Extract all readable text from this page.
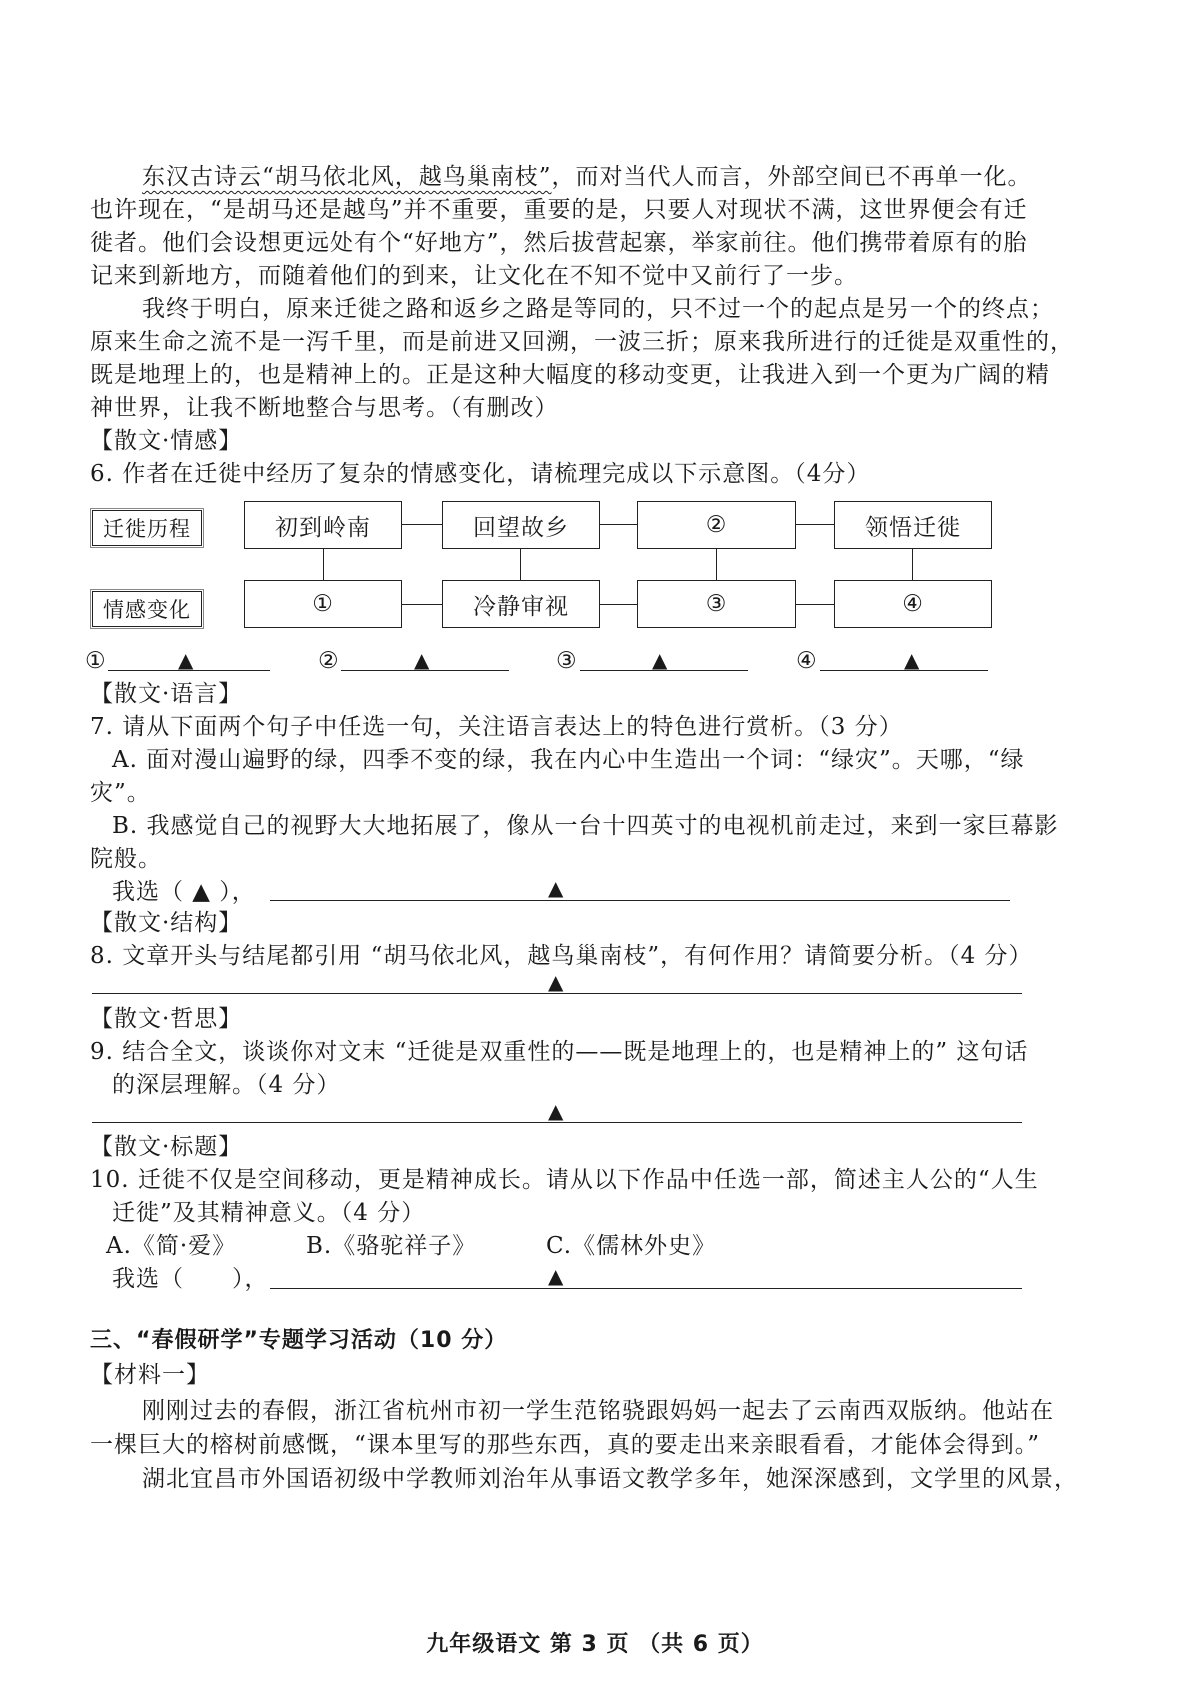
东汉古诗云“胡马依北风，越鸟巢南枝”，而对当代人而言，外部空间已不再单一化。
也许现在，“是胡马还是越鸟”并不重要，重要的是，只要人对现状不满，这世界便会有迁
徙者。他们会设想更远处有个“好地方”，然后拔营起寨，举家前往。他们携带着原有的胎
记来到新地方，而随着他们的到来，让文化在不知不觉中又前行了一步。
我终于明白，原来迁徙之路和返乡之路是等同的，只不过一个的起点是另一个的终点；
原来生命之流不是一泻千里，而是前进又回溯，一波三折；原来我所进行的迁徙是双重性的，
既是地理上的，也是精神上的。正是这种大幅度的移动变更，让我进入到一个更为广阔的精
神世界，让我不断地整合与思考。（有删改）
【散文·情感】
6. 作者在迁徙中经历了复杂的情感变化，请梳理完成以下示意图。（4分）
迁徙历程
情感变化
初到岭南	回望故乡	②	领悟迁徙
①	冷静审视	③	④
①	▲	②	▲	③	▲	④	▲
【散文·语言】
7. 请从下面两个句子中任选一句，关注语言表达上的特色进行赏析。（3 分）
A. 面对漫山遍野的绿，四季不变的绿，我在内心中生造出一个词：“绿灾”。天哪，“绿
灾”。
B. 我感觉自己的视野大大地拓展了，像从一台十四英寸的电视机前走过，来到一家巨幕影
院般。
我选（ ▲ ），	▲
【散文·结构】
8. 文章开头与结尾都引用 “胡马依北风，越鸟巢南枝”，有何作用？请简要分析。（4 分）
▲
【散文·哲思】
9. 结合全文，谈谈你对文末 “迁徙是双重性的——既是地理上的，也是精神上的” 这句话
的深层理解。（4 分）
▲
【散文·标题】
10. 迁徙不仅是空间移动，更是精神成长。请从以下作品中任选一部，简述主人公的“人生
迁徙”及其精神意义。（4 分）
A.《简·爱》	B.《骆驼祥子》	C.《儒林外史》
我选（　　），	▲
三、“春假研学”专题学习活动（10 分）
【材料一】
刚刚过去的春假，浙江省杭州市初一学生范铭骁跟妈妈一起去了云南西双版纳。他站在
一棵巨大的榕树前感慨，“课本里写的那些东西，真的要走出来亲眼看看，才能体会得到。”
湖北宜昌市外国语初级中学教师刘治年从事语文教学多年，她深深感到，文学里的风景，
九年级语文 第 3 页 （共 6 页）
